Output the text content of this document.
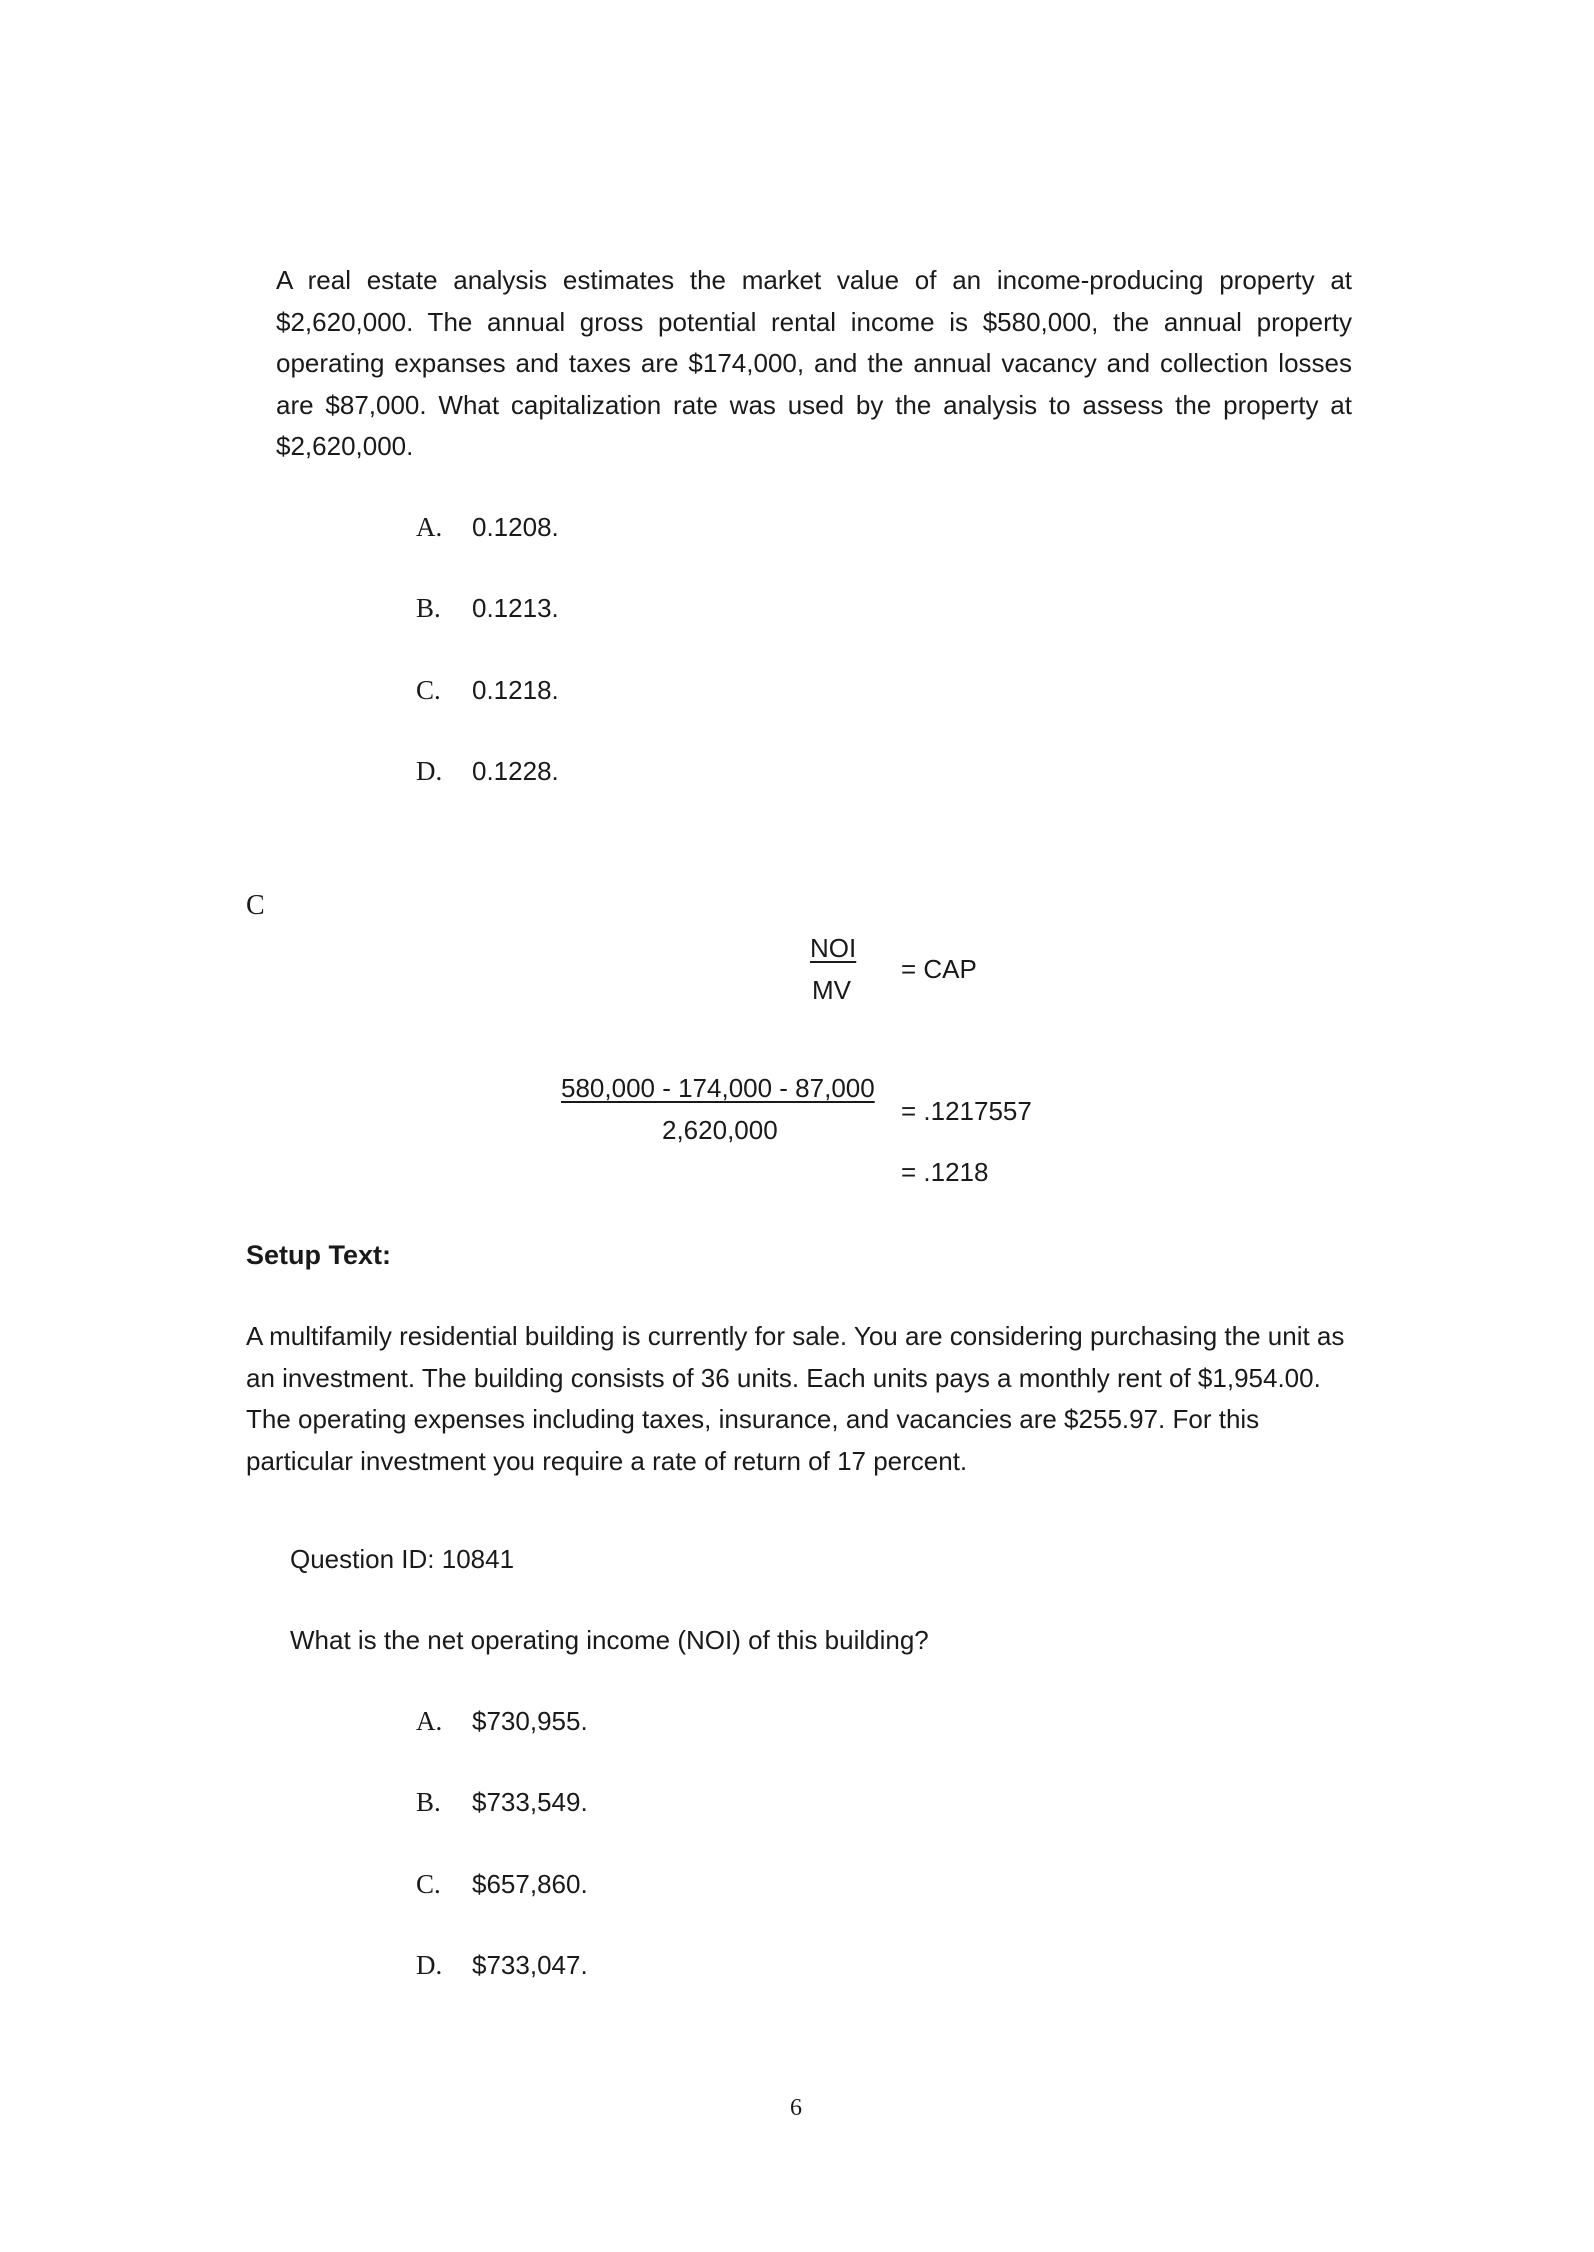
A real estate analysis estimates the market value of an income-producing property at $2,620,000. The annual gross potential rental income is $580,000, the annual property operating expanses and taxes are $174,000, and the annual vacancy and collection losses are $87,000. What capitalization rate was used by the analysis to assess the property at $2,620,000.

A. 0.1208.
B. 0.1213.
C. 0.1218.
D. 0.1228.
C
NOI
MV
= CAP
580,000 - 174,000 - 87,000
2,620,000
= .1217557
= .1218
Setup Text:

A multifamily residential building is currently for sale. You are considering purchasing the unit as an investment. The building consists of 36 units. Each units pays a monthly rent of $1,954.00. The operating expenses including taxes, insurance, and vacancies are $255.97. For this particular investment you require a rate of return of 17 percent.

Question ID: 10841
What is the net operating income (NOI) of this building?
A. $730,955.
B. $733,549.
C. $657,860.
D. $733,047.
6
